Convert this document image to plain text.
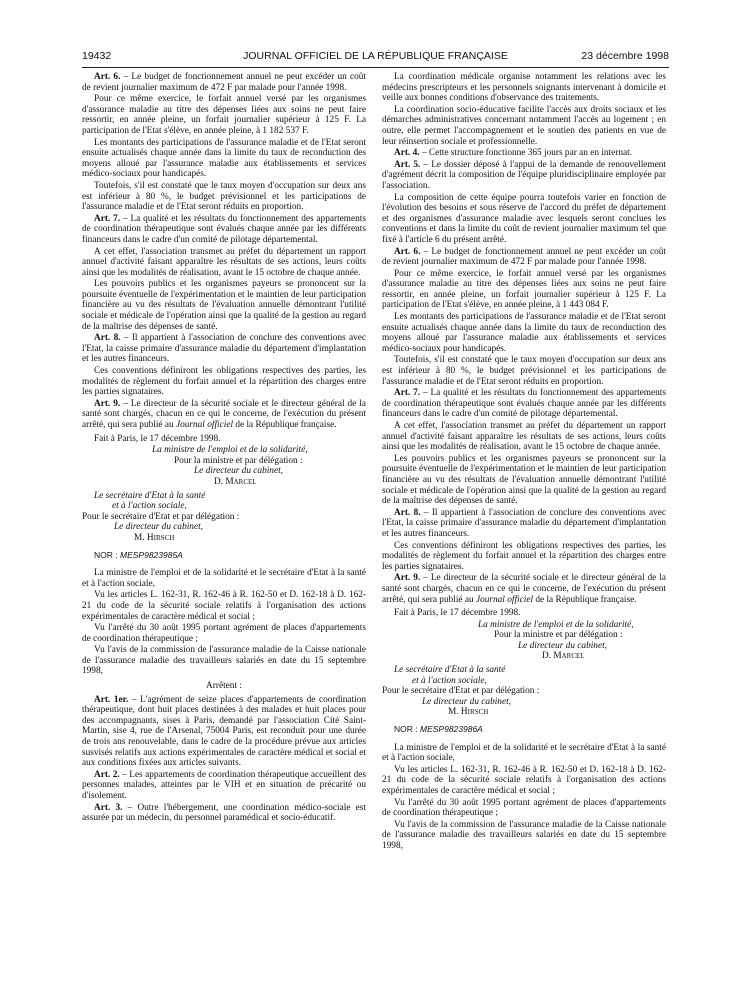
19432	JOURNAL OFFICIEL DE LA RÉPUBLIQUE FRANÇAISE	23 décembre 1998

Art. 6. – Le budget de fonctionnement annuel ne peut excéder un coût de revient journalier maximum de 472 F par malade pour l'année 1998.

Pour ce même exercice, le forfait annuel versé par les organismes d'assurance maladie au titre des dépenses liées aux soins ne peut faire ressortir, en année pleine, un forfait journalier supérieur à 125 F. La participation de l'Etat s'élève, en année pleine, à 1 182 537 F.

Les montants des participations de l'assurance maladie et de l'Etat seront ensuite actualisés chaque année dans la limite du taux de reconduction des moyens alloué par l'assurance maladie aux établissements et services médico-sociaux pour handicapés.

Toutefois, s'il est constaté que le taux moyen d'occupation sur deux ans est inférieur à 80 %, le budget prévisionnel et les participations de l'assurance maladie et de l'Etat seront réduits en proportion.

Art. 7. – La qualité et les résultats du fonctionnement des appartements de coordination thérapeutique sont évalués chaque année par les différents financeurs dans le cadre d'un comité de pilotage départemental.

A cet effet, l'association transmet au préfet du département un rapport annuel d'activité faisant apparaître les résultats de ses actions, leurs coûts ainsi que les modalités de réalisation, avant le 15 octobre de chaque année.

Les pouvoirs publics et les organismes payeurs se prononcent sur la poursuite éventuelle de l'expérimentation et le maintien de leur participation financière au vu des résultats de l'évaluation annuelle démontrant l'utilité sociale et médicale de l'opération ainsi que la qualité de la gestion au regard de la maîtrise des dépenses de santé.

Art. 8. – Il appartient à l'association de conclure des conventions avec l'Etat, la caisse primaire d'assurance maladie du département d'implantation et les autres financeurs.

Ces conventions définiront les obligations respectives des parties, les modalités de règlement du forfait annuel et la répartition des charges entre les parties signataires.

Art. 9. – Le directeur de la sécurité sociale et le directeur général de la santé sont chargés, chacun en ce qui le concerne, de l'exécution du présent arrêté, qui sera publié au Journal officiel de la République française.

Fait à Paris, le 17 décembre 1998.

La ministre de l'emploi et de la solidarité,

Pour la ministre et par délégation :

Le directeur du cabinet,

D. Marcel

Le secrétaire d'Etat à la santé

et à l'action sociale,

Pour le secrétaire d'Etat et par délégation :

Le directeur du cabinet,

M. Hirsch

NOR : MESP9823985A

La ministre de l'emploi et de la solidarité et le secrétaire d'Etat à la santé et à l'action sociale,

Vu les articles L. 162-31, R. 162-46 à R. 162-50 et D. 162-18 à D. 162-21 du code de la sécurité sociale relatifs à l'organisation des actions expérimentales de caractère médical et social ;

Vu l'arrêté du 30 août 1995 portant agrément de places d'appartements de coordination thérapeutique ;

Vu l'avis de la commission de l'assurance maladie de la Caisse nationale de l'assurance maladie des travailleurs salariés en date du 15 septembre 1998,

Arrêtent :

Art. 1er. – L'agrément de seize places d'appartements de coordination thérapeutique, dont huit places destinées à des malades et huit places pour des accompagnants, sises à Paris, demandé par l'association Cité Saint-Martin, sise 4, rue de l'Arsenal, 75004 Paris, est reconduit pour une durée de trois ans renouvelable, dans le cadre de la procédure prévue aux articles susvisés relatifs aux actions expérimentales de caractère médical et social et aux conditions fixées aux articles suivants.

Art. 2. – Les appartements de coordination thérapeutique accueillent des personnes malades, atteintes par le VIH et en situation de précarité ou d'isolement.

Art. 3. – Outre l'hébergement, une coordination médico-sociale est assurée par un médecin, du personnel paramédical et socio-éducatif.

La coordination médicale organise notamment les relations avec les médecins prescripteurs et les personnels soignants intervenant à domicile et veille aux bonnes conditions d'observance des traitements.

La coordination socio-éducative facilite l'accès aux droits sociaux et les démarches administratives concernant notamment l'accès au logement ; en outre, elle permet l'accompagnement et le soutien des patients en vue de leur réinsertion sociale et professionnelle.

Art. 4. – Cette structure fonctionne 365 jours par an en internat.

Art. 5. – Le dossier déposé à l'appui de la demande de renouvellement d'agrément décrit la composition de l'équipe pluridisciplinaire employée par l'association.

La composition de cette équipe pourra toutefois varier en fonction de l'évolution des besoins et sous réserve de l'accord du préfet de département et des organismes d'assurance maladie avec lesquels seront conclues les conventions et dans la limite du coût de revient journalier maximum tel que fixé à l'article 6 du présent arrêté.

Art. 6. – Le budget de fonctionnement annuel ne peut excéder un coût de revient journalier maximum de 472 F par malade pour l'année 1998.

Pour ce même exercice, le forfait annuel versé par les organismes d'assurance maladie au titre des dépenses liées aux soins ne peut faire ressortir, en année pleine, un forfait journalier supérieur à 125 F. La participation de l'Etat s'élève, en année pleine, à 1 443 084 F.

Les montants des participations de l'assurance maladie et de l'Etat seront ensuite actualisés chaque année dans la limite du taux de reconduction des moyens alloué par l'assurance maladie aux établissements et services médico-sociaux pour handicapés.

Toutefois, s'il est constaté que le taux moyen d'occupation sur deux ans est inférieur à 80 %, le budget prévisionnel et les participations de l'assurance maladie et de l'Etat seront réduits en proportion.

Art. 7. – La qualité et les résultats du fonctionnement des appartements de coordination thérapeutique sont évalués chaque année par les différents financeurs dans le cadre d'un comité de pilotage départemental.

A cet effet, l'association transmet au préfet du département un rapport annuel d'activité faisant apparaître les résultats de ses actions, leurs coûts ainsi que les modalités de réalisation, avant le 15 octobre de chaque année.

Les pouvoirs publics et les organismes payeurs se prononcent sur la poursuite éventuelle de l'expérimentation et le maintien de leur participation financière au vu des résultats de l'évaluation annuelle démontrant l'utilité sociale et médicale de l'opération ainsi que la qualité de la gestion au regard de la maîtrise des dépenses de santé.

Art. 8. – Il appartient à l'association de conclure des conventions avec l'Etat, la caisse primaire d'assurance maladie du département d'implantation et les autres financeurs.

Ces conventions définiront les obligations respectives des parties, les modalités de règlement du forfait annuel et la répartition des charges entre les parties signataires.

Art. 9. – Le directeur de la sécurité sociale et le directeur général de la santé sont chargés, chacun en ce qui le concerne, de l'exécution du présent arrêté, qui sera publié au Journal officiel de la République française.

Fait à Paris, le 17 décembre 1998.

La ministre de l'emploi et de la solidarité,

Pour la ministre et par délégation :

Le directeur du cabinet,

D. Marcel

Le secrétaire d'Etat à la santé

et à l'action sociale,

Pour le secrétaire d'Etat et par délégation :

Le directeur du cabinet,

M. Hirsch

NOR : MESP9823986A

La ministre de l'emploi et de la solidarité et le secrétaire d'Etat à la santé et à l'action sociale,

Vu les articles L. 162-31, R. 162-46 à R. 162-50 et D. 162-18 à D. 162-21 du code de la sécurité sociale relatifs à l'organisation des actions expérimentales de caractère médical et social ;

Vu l'arrêté du 30 août 1995 portant agrément de places d'appartements de coordination thérapeutique ;

Vu l'avis de la commission de l'assurance maladie de la Caisse nationale de l'assurance maladie des travailleurs salariés en date du 15 septembre 1998,
